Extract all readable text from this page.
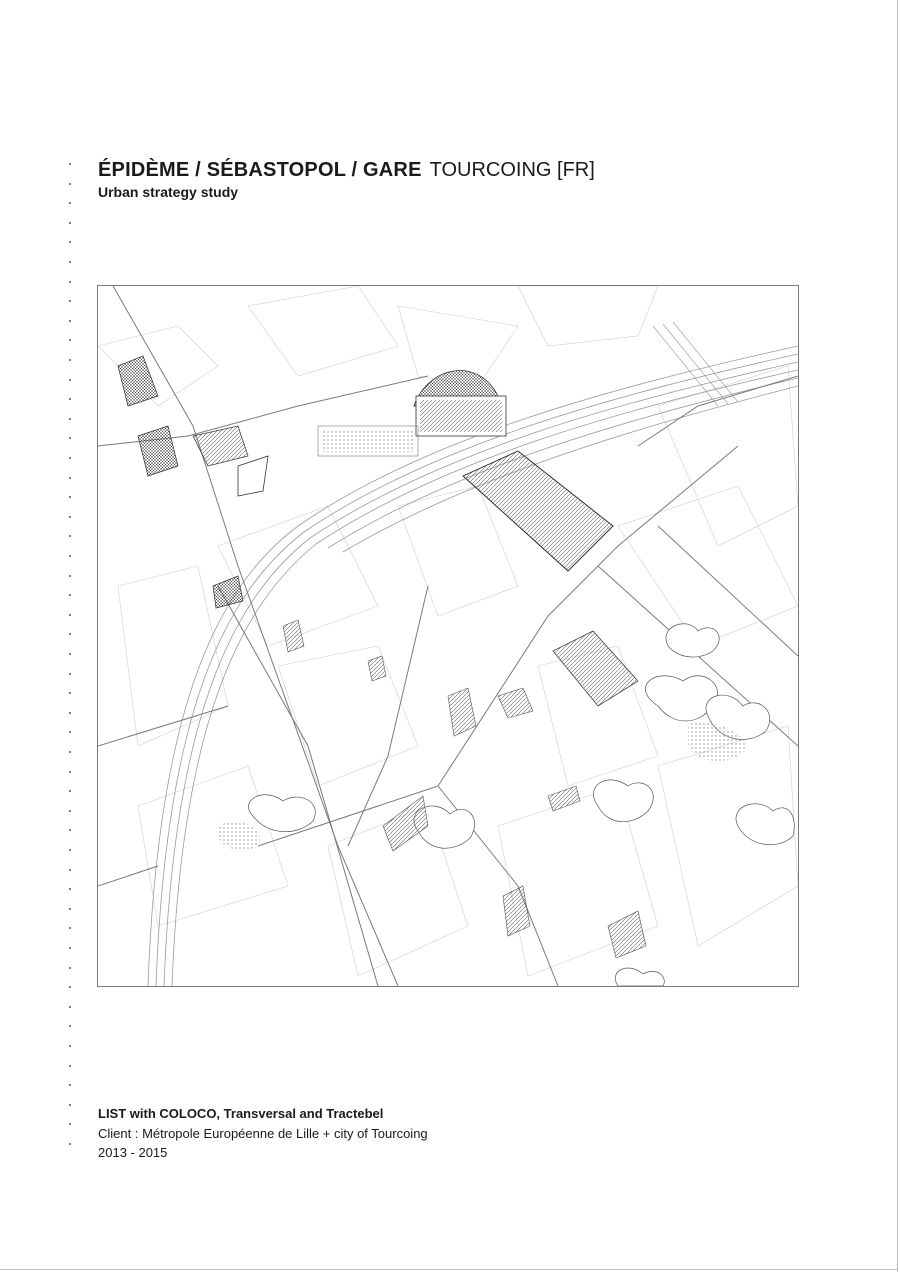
ÉPIDÈME / SÉBASTOPOL / GARE TOURCOING [FR]
Urban strategy study
LIST with COLOCO, Transversal and Tractebel
Client : Métropole Européenne de Lille + city of Tourcoing
2013 - 2015
